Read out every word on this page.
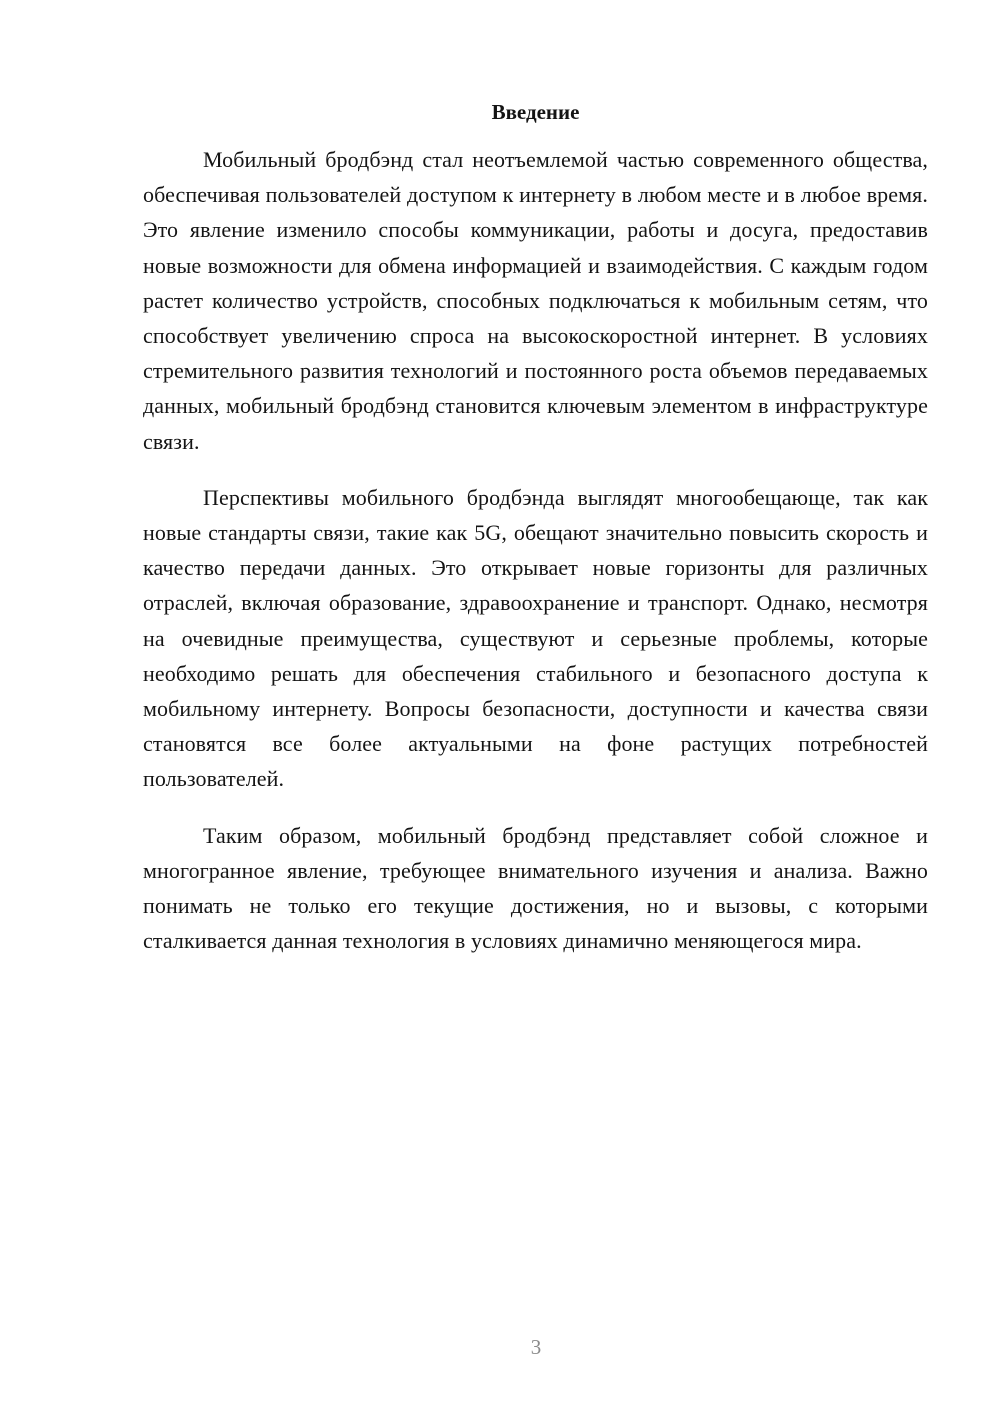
Введение

Мобильный бродбэнд стал неотъемлемой частью современного общества, обеспечивая пользователей доступом к интернету в любом месте и в любое время. Это явление изменило способы коммуникации, работы и досуга, предоставив новые возможности для обмена информацией и взаимодействия. С каждым годом растет количество устройств, способных подключаться к мобильным сетям, что способствует увеличению спроса на высокоскоростной интернет. В условиях стремительного развития технологий и постоянного роста объемов передаваемых данных, мобильный бродбэнд становится ключевым элементом в инфраструктуре связи.

Перспективы мобильного бродбэнда выглядят многообещающе, так как новые стандарты связи, такие как 5G, обещают значительно повысить скорость и качество передачи данных. Это открывает новые горизонты для различных отраслей, включая образование, здравоохранение и транспорт. Однако, несмотря на очевидные преимущества, существуют и серьезные проблемы, которые необходимо решать для обеспечения стабильного и безопасного доступа к мобильному интернету. Вопросы безопасности, доступности и качества связи становятся все более актуальными на фоне растущих потребностей пользователей.

Таким образом, мобильный бродбэнд представляет собой сложное и многогранное явление, требующее внимательного изучения и анализа. Важно понимать не только его текущие достижения, но и вызовы, с которыми сталкивается данная технология в условиях динамично меняющегося мира.

3
